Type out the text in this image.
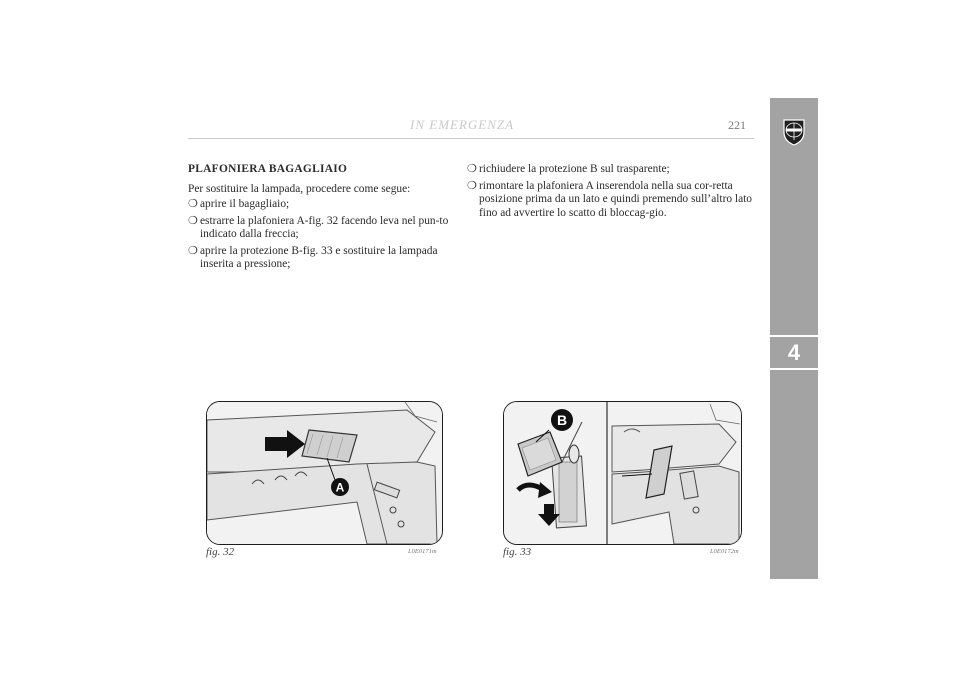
IN EMERGENZA	221
4
PLAFONIERA BAGAGLIAIO
Per sostituire la lampada, procedere come segue:
❍ aprire il bagagliaio;
❍ estrarre la plafoniera A-fig. 32 facendo leva nel pun-to indicato dalla freccia;
❍ aprire la protezione B-fig. 33 e sostituire la lampada inserita a pressione;
❍ richiudere la protezione B sul trasparente;
❍ rimontare la plafoniera A inserendola nella sua cor-retta posizione prima da un lato e quindi premendo sull’altro lato fino ad avvertire lo scatto di bloccag-gio.
A
fig. 32	L0E0171m
B
fig. 33	L0E0172m
